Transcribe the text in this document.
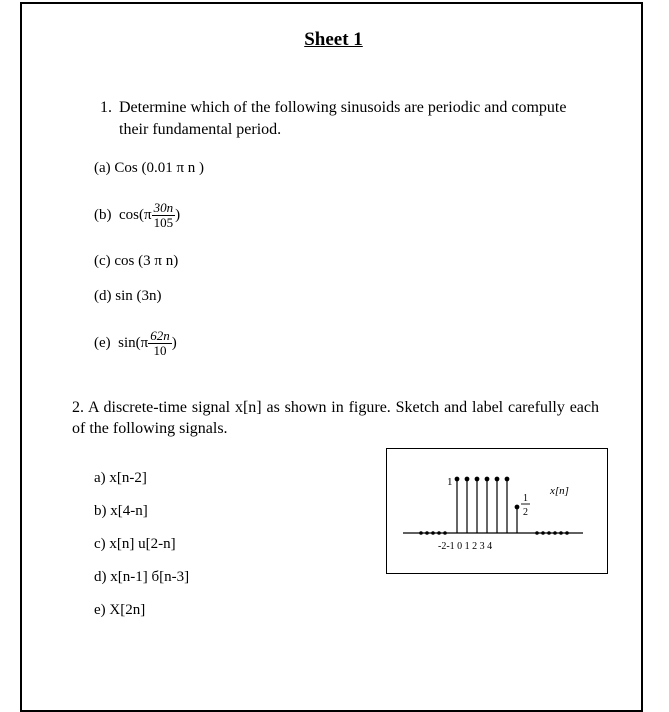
Sheet 1
1. Determine which of the following sinusoids are periodic and compute their fundamental period.
(a) Cos (0.01 π n )
(b) $\cos(\pi \frac{30n}{105}$ )
(c) cos (3 π n)
(d) sin (3n)
(e) $\sin(\pi \frac{62n}{10}$ )
2. A discrete-time signal x[n] as shown in figure. Sketch and label carefully each of the following signals.
a) x[n-2]
b) x[4-n]
c) x[n] u[2-n]
d) x[n-1] б[n-3]
e) X[2n]
1
1
2
x[n]
-2-1 0 1 2 3 4
